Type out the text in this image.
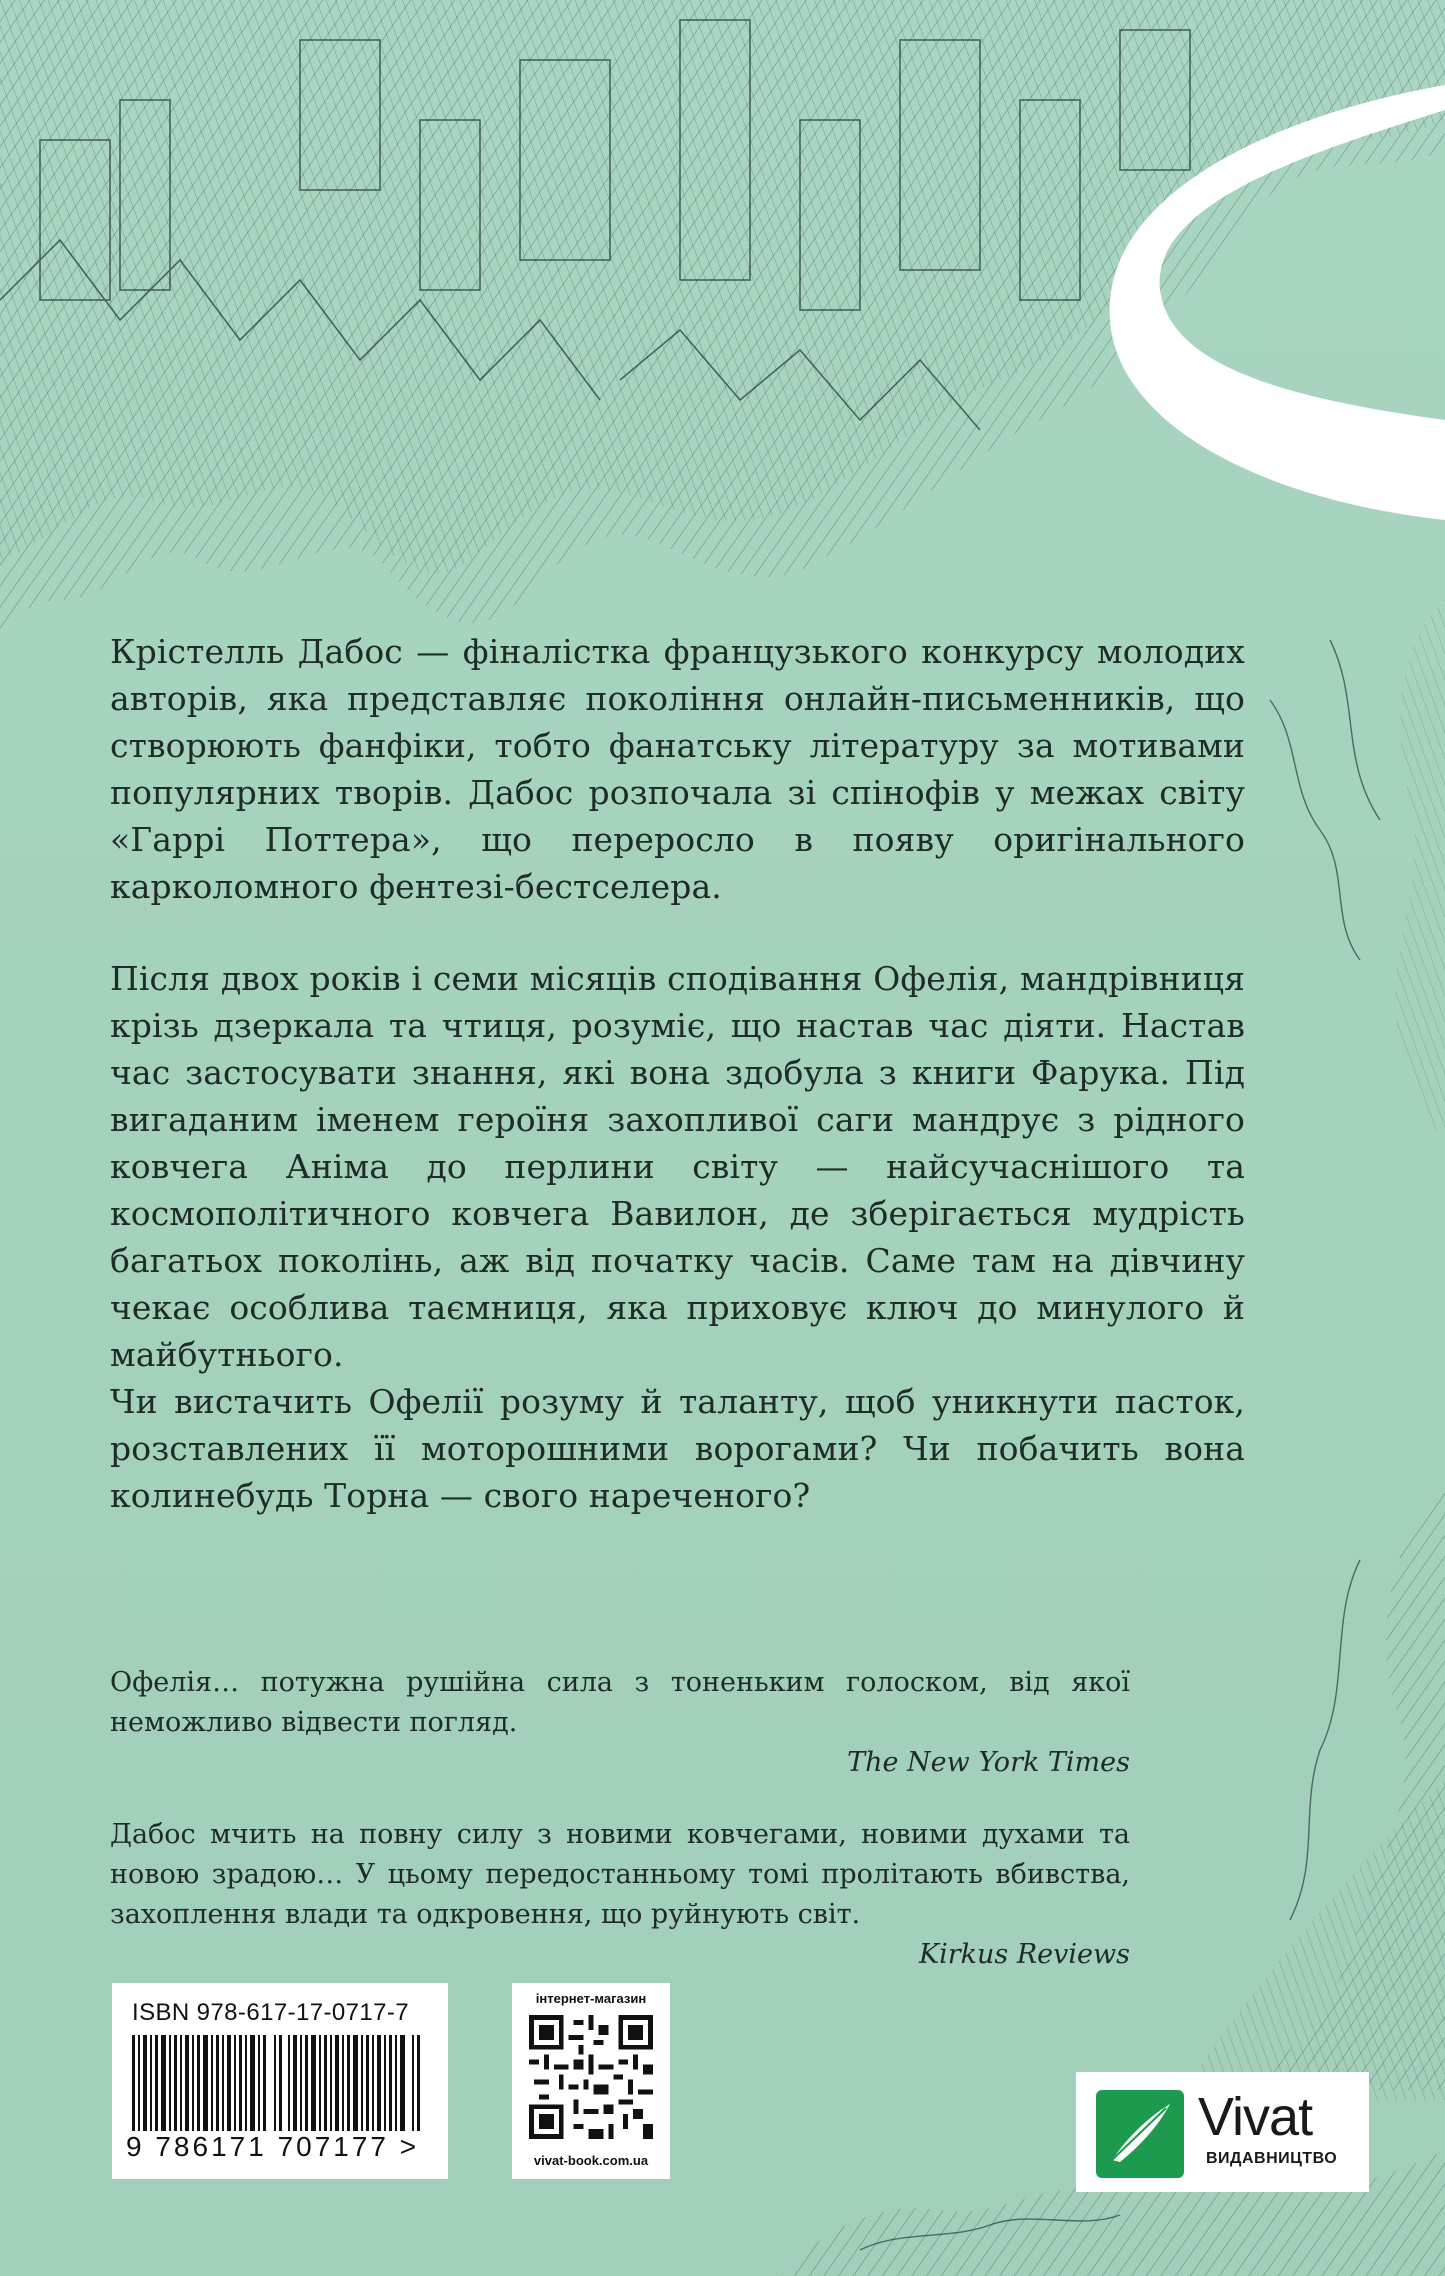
Крістелль Дабос — фіналістка французького конкурсу молодих авторів, яка представляє покоління онлайн-письменників, що створюють фанфіки, тобто фанатську літературу за мотивами популярних творів. Дабос розпочала зі спінофів у межах світу «Гаррі Поттера», що переросло в появу оригінального карколомного фентезі-бестселера.

Після двох років і семи місяців сподівання Офелія, мандрівниця крізь дзеркала та чтиця, розуміє, що настав час діяти. Настав час застосувати знання, які вона здобула з книги Фарука. Під вигаданим іменем героїня захопливої саги мандрує з рідного ковчега Аніма до перлини світу — найсучаснішого та космополітичного ковчега Вавилон, де зберігається мудрість багатьох поколінь, аж від початку часів. Саме там на дівчину чекає особлива таємниця, яка приховує ключ до минулого й майбутнього.
Чи вистачить Офелії розуму й таланту, щоб уникнути пасток, розставлених її моторошними ворогами? Чи побачить вона колинебудь Торна — свого нареченого?
Офелія… потужна рушійна сила з тоненьким голоском, від якої неможливо відвести погляд.
The New York Times
Дабос мчить на повну силу з новими ковчегами, новими духами та новою зрадою… У цьому передостанньому томі пролітають вбивства, захоплення влади та одкровення, що руйнують світ.
Kirkus Reviews
ISBN 978-617-17-0717-7
9 786171 707177 >
інтернет-магазин
vivat-book.com.ua
Vivat
ВИДАВНИЦТВО
